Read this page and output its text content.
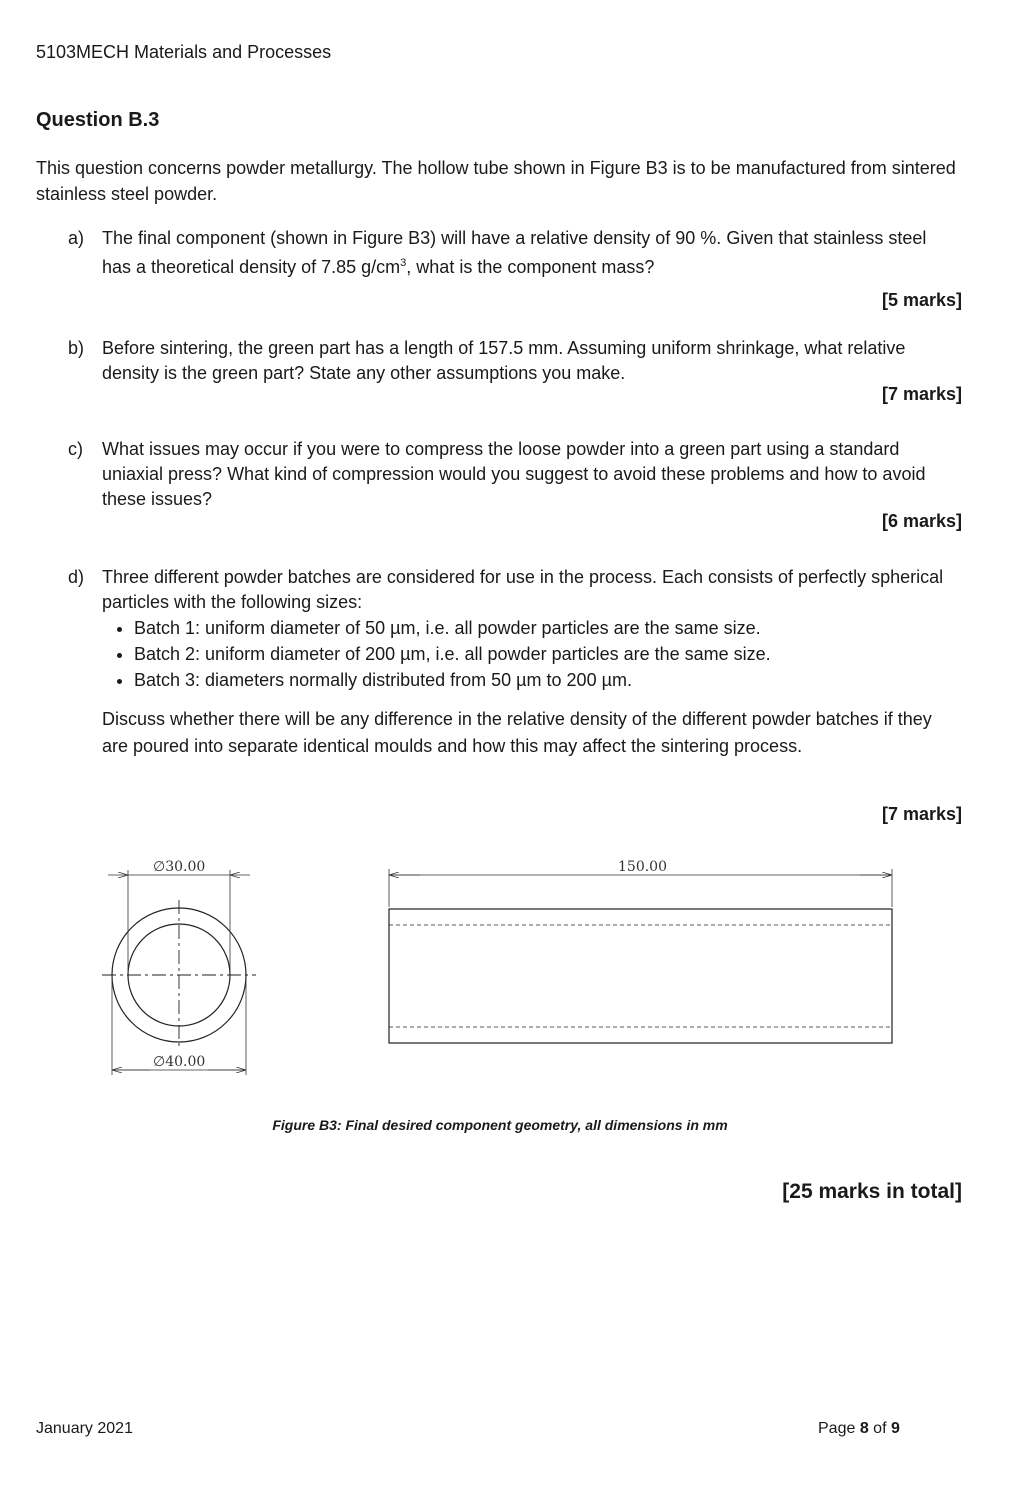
5103MECH Materials and Processes
Question B.3
This question concerns powder metallurgy. The hollow tube shown in Figure B3 is to be manufactured from sintered stainless steel powder.
a) The final component (shown in Figure B3) will have a relative density of 90 %. Given that stainless steel has a theoretical density of 7.85 $g/cm^3$, what is the component mass?
[5 marks]
b) Before sintering, the green part has a length of 157.5 mm. Assuming uniform shrinkage, what relative density is the green part? State any other assumptions you make.
[7 marks]
c) What issues may occur if you were to compress the loose powder into a green part using a standard uniaxial press? What kind of compression would you suggest to avoid these problems and how to avoid these issues?
[6 marks]
d) Three different powder batches are considered for use in the process. Each consists of perfectly spherical particles with the following sizes:
• Batch 1: uniform diameter of 50 µm, i.e. all powder particles are the same size.
• Batch 2: uniform diameter of 200 µm, i.e. all powder particles are the same size.
• Batch 3: diameters normally distributed from 50 µm to 200 µm.
Discuss whether there will be any difference in the relative density of the different powder batches if they are poured into separate identical moulds and how this may affect the sintering process.
[7 marks]
∅30.00
∅40.00
150.00
Figure B3: Final desired component geometry, all dimensions in mm
[25 marks in total]
January 2021	Page 8 of 9
